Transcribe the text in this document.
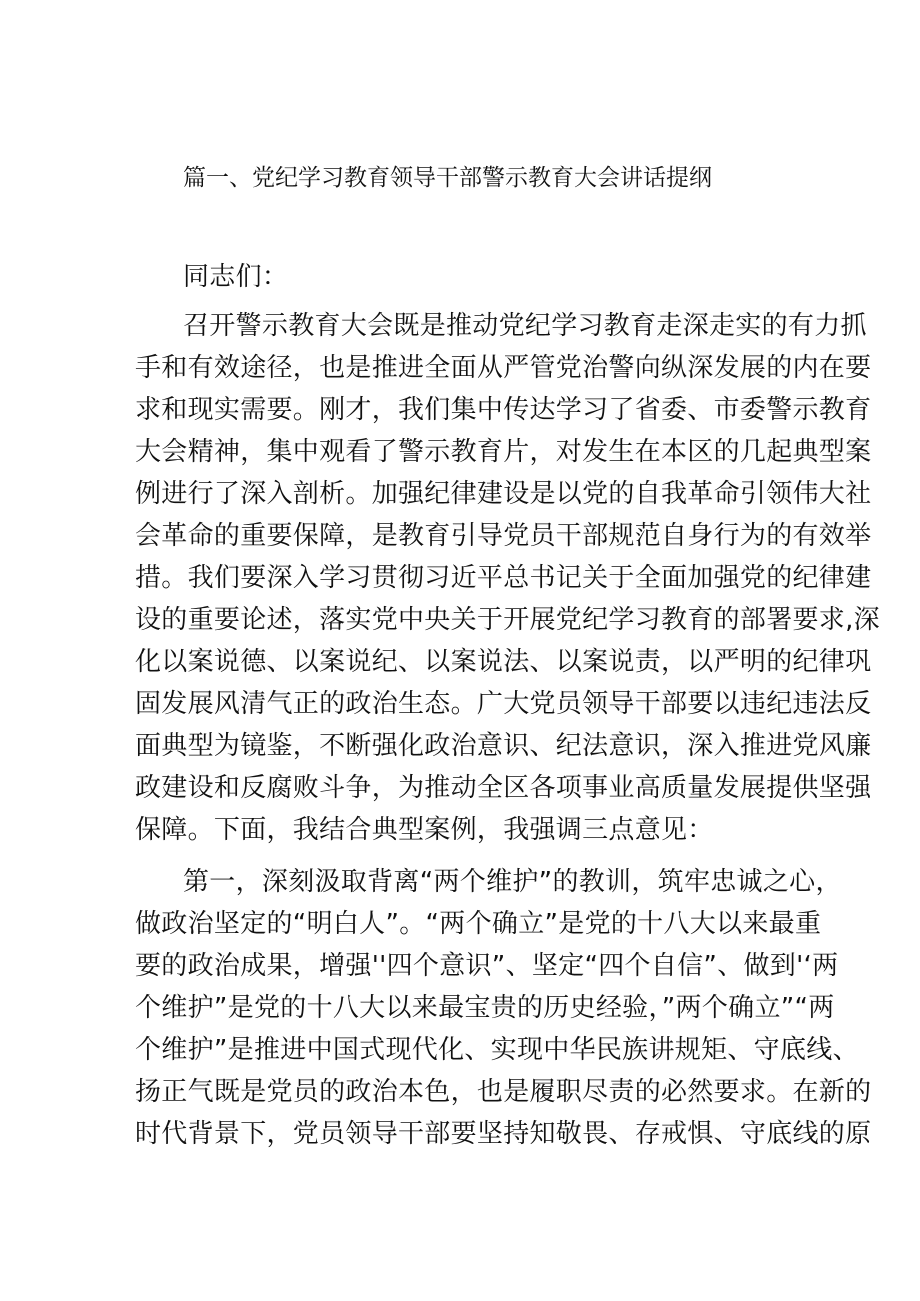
篇一、党纪学习教育领导干部警示教育大会讲话提纲
同志们：
召开警示教育大会既是推动党纪学习教育走深走实的有力抓
手和有效途径，也是推进全面从严管党治警向纵深发展的内在要
求和现实需要。刚才，我们集中传达学习了省委、市委警示教育
大会精神，集中观看了警示教育片，对发生在本区的几起典型案
例进行了深入剖析。加强纪律建设是以党的自我革命引领伟大社
会革命的重要保障，是教育引导党员干部规范自身行为的有效举
措。我们要深入学习贯彻习近平总书记关于全面加强党的纪律建
设的重要论述，落实党中央关于开展党纪学习教育的部署要求,深
化以案说德、以案说纪、以案说法、以案说责，以严明的纪律巩
固发展风清气正的政治生态。广大党员领导干部要以违纪违法反
面典型为镜鉴，不断强化政治意识、纪法意识，深入推进党风廉
政建设和反腐败斗争，为推动全区各项事业高质量发展提供坚强
保障。下面，我结合典型案例，我强调三点意见：
第一，深刻汲取背离“两个维护”的教训，筑牢忠诚之心，
做政治坚定的“明白人”。“两个确立”是党的十八大以来最重
要的政治成果，增强''四个意识”、坚定“四个自信”、做到'‘两
个维护”是党的十八大以来最宝贵的历史经验，”两个确立”“两
个维护”是推进中国式现代化、实现中华民族讲规矩、守底线、
扬正气既是党员的政治本色，也是履职尽责的必然要求。在新的
时代背景下，党员领导干部要坚持知敬畏、存戒惧、守底线的原
